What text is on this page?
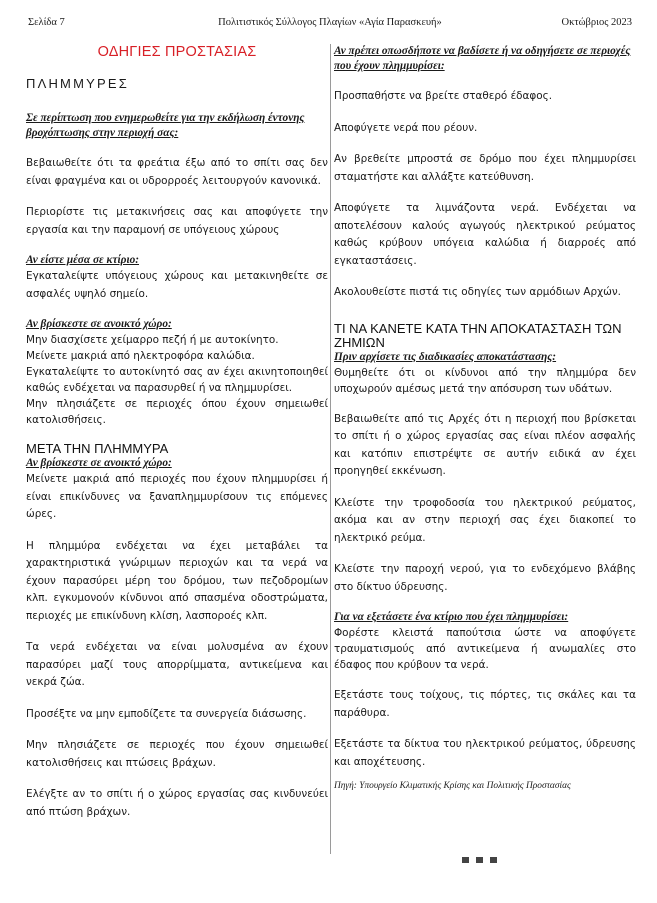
Σελίδα 7	Πολιτιστικός Σύλλογος Πλαγίων «Αγία Παρασκευή»	Οκτώβριος 2023
ΟΔΗΓΙΕΣ ΠΡΟΣΤΑΣΙΑΣ
ΠΛΗΜΜΥΡΕΣ
Σε περίπτωση που ενημερωθείτε για την εκδήλωση έντονης βροχόπτωσης στην περιοχή σας:

Βεβαιωθείτε ότι τα φρεάτια έξω από το σπίτι σας δεν είναι φραγμένα και οι υδρορροές λειτουργούν κανονικά.

Περιορίστε τις μετακινήσεις σας και αποφύγετε την εργασία και την παραμονή σε υπόγειους χώρους

Αν είστε μέσα σε κτίριο:

Εγκαταλείψτε υπόγειους χώρους και μετακινηθείτε σε ασφαλές υψηλό σημείο.

Αν βρίσκεστε σε ανοικτό χώρο:

Μην διασχίσετε χείμαρρο πεζή ή με αυτοκίνητο.

Μείνετε μακριά από ηλεκτροφόρα καλώδια.

Εγκαταλείψτε το αυτοκίνητό σας αν έχει ακινητοποιηθεί καθώς ενδέχεται να παρασυρθεί ή να πλημμυρίσει.

Μην πλησιάζετε σε περιοχές όπου έχουν σημειωθεί κατολισθήσεις.

ΜΕΤΑ ΤΗΝ ΠΛΗΜΜΥΡΑ
Αν βρίσκεστε σε ανοικτό χώρο:

Μείνετε μακριά από περιοχές που έχουν πλημμυρίσει ή είναι επικίνδυνες να ξαναπλημμυρίσουν τις επόμενες ώρες.

Η πλημμύρα ενδέχεται να έχει μεταβάλει τα χαρακτηριστικά γνώριμων περιοχών και τα νερά να έχουν παρασύρει μέρη του δρόμου, των πεζοδρομίων κλπ. εγκυμονούν κίνδυνοι από σπασμένα οδοστρώματα, περιοχές με επικίνδυνη κλίση, λασπορoές κλπ.

Τα νερά ενδέχεται να είναι μολυσμένα αν έχουν παρασύρει μαζί τους απορρίμματα, αντικείμενα και νεκρά ζώα.

Προσέξτε να μην εμποδίζετε τα συνεργεία διάσωσης.

Μην πλησιάζετε σε περιοχές που έχουν σημειωθεί κατολισθήσεις και πτώσεις βράχων.

Ελέγξτε αν το σπίτι ή ο χώρος εργασίας σας κινδυνεύει από πτώση βράχων.

Αν πρέπει οπωσδήποτε να βαδίσετε ή να οδηγήσετε σε περιοχές που έχουν πλημμυρίσει:

Προσπαθήστε να βρείτε σταθερό έδαφος.

Αποφύγετε νερά που ρέουν.

Αν βρεθείτε μπροστά σε δρόμο που έχει πλημμυρίσει σταματήστε και αλλάξτε κατεύθυνση.

Αποφύγετε τα λιμνάζοντα νερά. Ενδέχεται να αποτελέσουν καλούς αγωγούς ηλεκτρικού ρεύματος καθώς κρύβουν υπόγεια καλώδια ή διαρροές από εγκαταστάσεις.

Ακολουθείστε πιστά τις οδηγίες των αρμόδιων Αρχών.

ΤΙ ΝΑ ΚΑΝΕΤΕ ΚΑΤΑ ΤΗΝ ΑΠΟΚΑΤΑΣΤΑΣΗ ΤΩΝ ΖΗΜΙΩΝ
Πριν αρχίσετε τις διαδικασίες αποκατάστασης:

Θυμηθείτε ότι οι κίνδυνοι από την πλημμύρα δεν υποχωρούν αμέσως μετά την απόσυρση των υδάτων.

Βεβαιωθείτε από τις Αρχές ότι η περιοχή που βρίσκεται το σπίτι ή ο χώρος εργασίας σας είναι πλέον ασφαλής και κατόπιν επιστρέψτε σε αυτήν ειδικά αν έχει προηγηθεί εκκένωση.

Κλείστε την τροφοδοσία του ηλεκτρικού ρεύματος, ακόμα και αν στην περιοχή σας έχει διακοπεί το ηλεκτρικό ρεύμα.

Κλείστε την παροχή νερού, για το ενδεχόμενο βλάβης στο δίκτυο ύδρευσης.

Για να εξετάσετε ένα κτίριο που έχει πλημμυρίσει:

Φορέστε κλειστά παπούτσια ώστε να αποφύγετε τραυματισμούς από αντικείμενα ή ανωμαλίες στο έδαφος που κρύβουν τα νερά.

Εξετάστε τους τοίχους, τις πόρτες, τις σκάλες και τα παράθυρα.

Εξετάστε τα δίκτυα του ηλεκτρικού ρεύματος, ύδρευσης και αποχέτευσης.

Πηγή: Υπουργείο Κλιματικής Κρίσης και Πολιτικής Προστασίας
